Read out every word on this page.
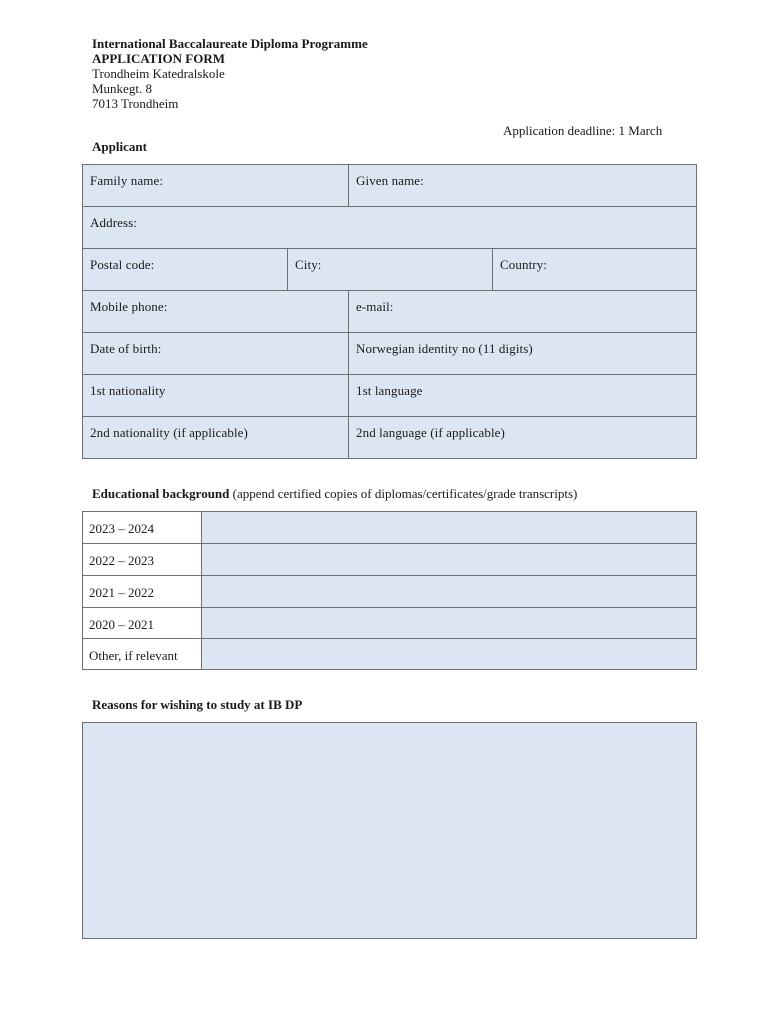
International Baccalaureate Diploma Programme
APPLICATION FORM
Trondheim Katedralskole
Munkegt. 8
7013 Trondheim
Application deadline: 1 March
Applicant
Family name:	Given name:
Address:
Postal code:	City:	Country:
Mobile phone:	e-mail:
Date of birth:	Norwegian identity no (11 digits)
1st nationality	1st language
2nd nationality (if applicable)	2nd language (if applicable)
Educational background (append certified copies of diplomas/certificates/grade transcripts)
2023 – 2024
2022 – 2023
2021 – 2022
2020 – 2021
Other, if relevant
Reasons for wishing to study at IB DP
